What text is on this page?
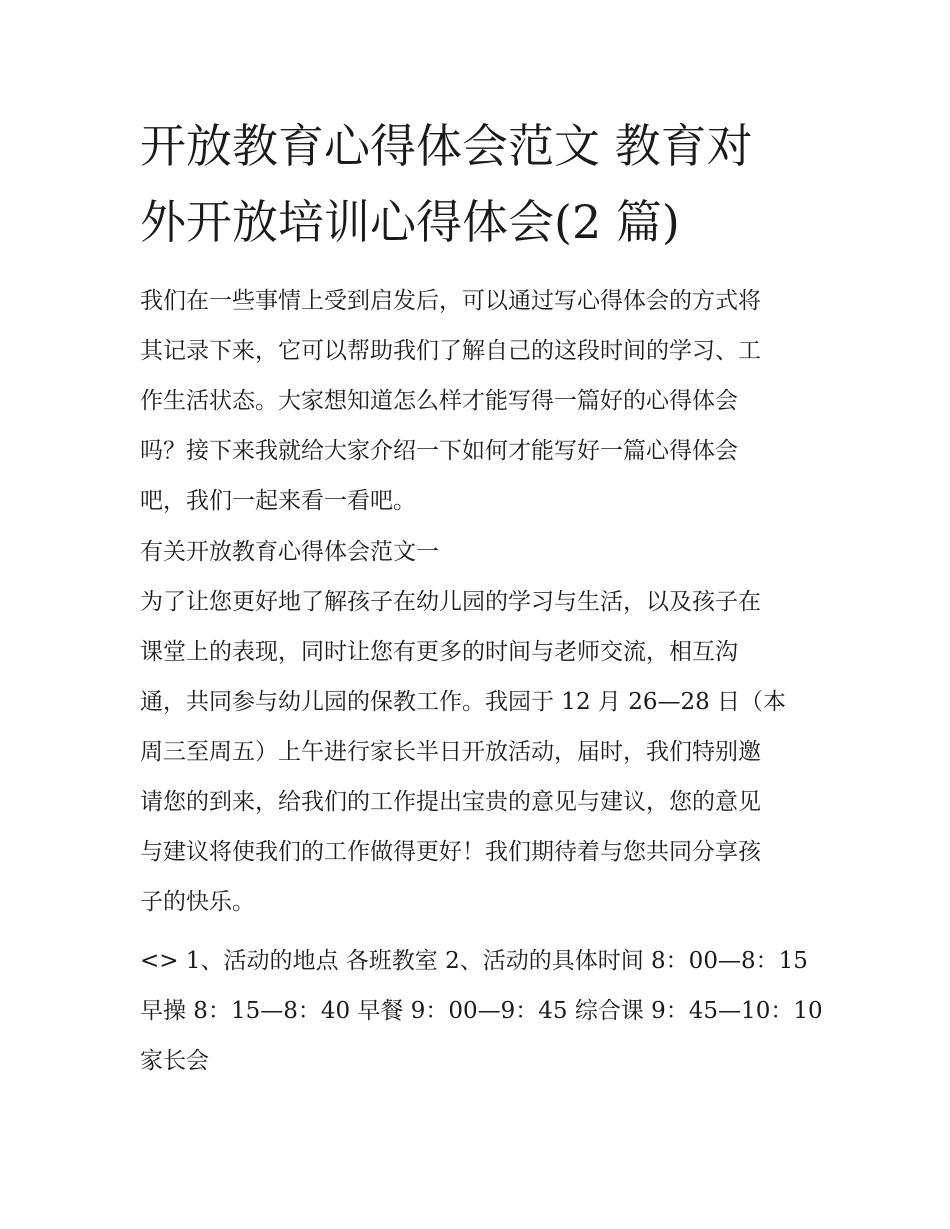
开放教育心得体会范文 教育对
外开放培训心得体会(2 篇)

我们在一些事情上受到启发后，可以通过写心得体会的方式将
其记录下来，它可以帮助我们了解自己的这段时间的学习、工
作生活状态。大家想知道怎么样才能写得一篇好的心得体会
吗？接下来我就给大家介绍一下如何才能写好一篇心得体会
吧，我们一起来看一看吧。

有关开放教育心得体会范文一

为了让您更好地了解孩子在幼儿园的学习与生活，以及孩子在
课堂上的表现，同时让您有更多的时间与老师交流，相互沟
通，共同参与幼儿园的保教工作。我园于 12 月 26—28 日（本
周三至周五）上午进行家长半日开放活动，届时，我们特别邀
请您的到来，给我们的工作提出宝贵的意见与建议，您的意见
与建议将使我们的工作做得更好！我们期待着与您共同分享孩
子的快乐。

<> 1、活动的地点 各班教室 2、活动的具体时间 8：00—8：15
早操 8：15—8：40 早餐 9：00—9：45 综合课 9：45—10：10
家长会
